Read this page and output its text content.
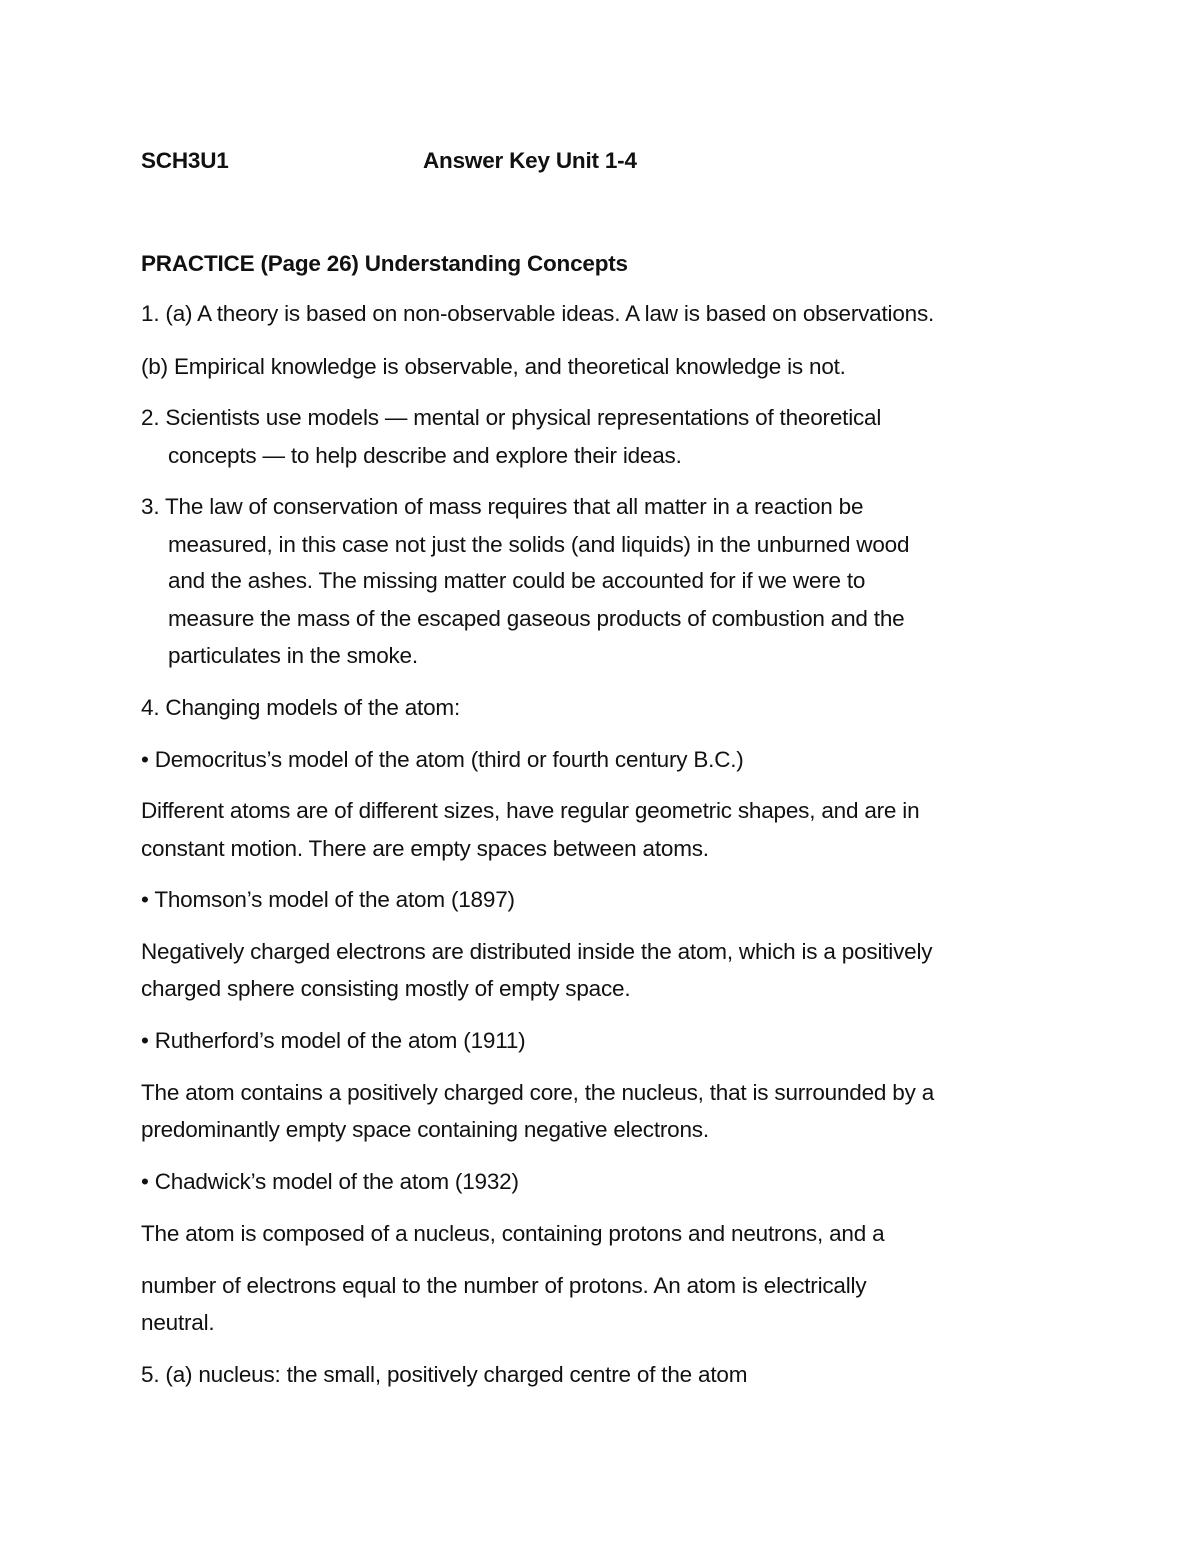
SCH3U1	Answer Key Unit 1-4
PRACTICE (Page 26) Understanding Concepts
1. (a) A theory is based on non-observable ideas. A law is based on observations.
(b) Empirical knowledge is observable, and theoretical knowledge is not.
2. Scientists use models — mental or physical representations of theoretical
concepts — to help describe and explore their ideas.
3. The law of conservation of mass requires that all matter in a reaction be
measured, in this case not just the solids (and liquids) in the unburned wood
and the ashes. The missing matter could be accounted for if we were to
measure the mass of the escaped gaseous products of combustion and the
particulates in the smoke.
4. Changing models of the atom:
• Democritus’s model of the atom (third or fourth century B.C.)
Different atoms are of different sizes, have regular geometric shapes, and are in
constant motion. There are empty spaces between atoms.
• Thomson’s model of the atom (1897)
Negatively charged electrons are distributed inside the atom, which is a positively
charged sphere consisting mostly of empty space.
• Rutherford’s model of the atom (1911)
The atom contains a positively charged core, the nucleus, that is surrounded by a
predominantly empty space containing negative electrons.
• Chadwick’s model of the atom (1932)
The atom is composed of a nucleus, containing protons and neutrons, and a
number of electrons equal to the number of protons. An atom is electrically
neutral.
5. (a) nucleus: the small, positively charged centre of the atom
